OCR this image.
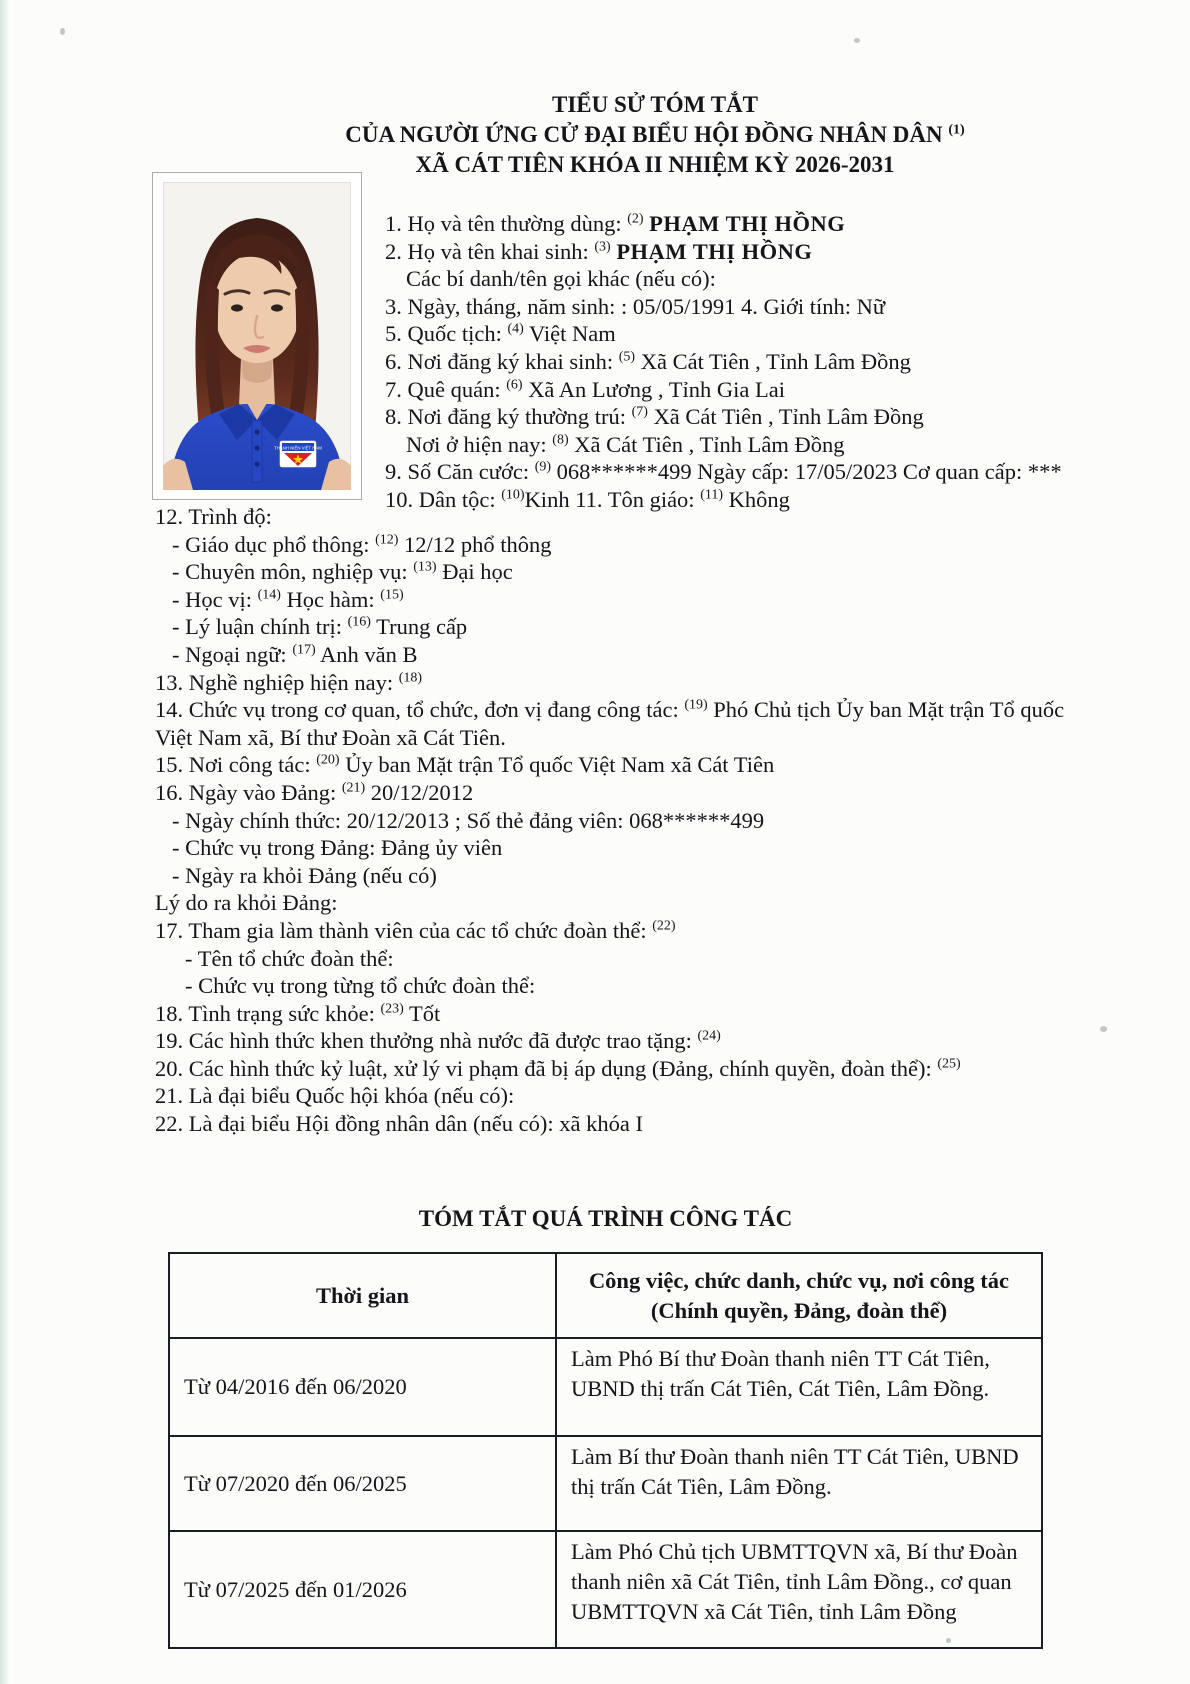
TIỂU SỬ TÓM TẮT
CỦA NGƯỜI ỨNG CỬ ĐẠI BIỂU HỘI ĐỒNG NHÂN DÂN $^{(1)}$
XÃ CÁT TIÊN KHÓA II NHIỆM KỲ 2026-2031
THANH NIÊN VIỆT NAM
1. Họ và tên thường dùng: $^{(2)}$ PHẠM THỊ HỒNG
2. Họ và tên khai sinh: $^{(3)}$ PHẠM THỊ HỒNG
Các bí danh/tên gọi khác (nếu có):
3. Ngày, tháng, năm sinh: : 05/05/1991 4. Giới tính: Nữ
5. Quốc tịch: $^{(4)}$ Việt Nam
6. Nơi đăng ký khai sinh: $^{(5)}$ Xã Cát Tiên , Tỉnh Lâm Đồng
7. Quê quán: $^{(6)}$ Xã An Lương , Tỉnh Gia Lai
8. Nơi đăng ký thường trú: $^{(7)}$ Xã Cát Tiên , Tỉnh Lâm Đồng
Nơi ở hiện nay: $^{(8)}$ Xã Cát Tiên , Tỉnh Lâm Đồng
9. Số Căn cước: $^{(9)}$ 068******499 Ngày cấp: 17/05/2023 Cơ quan cấp: ***
10. Dân tộc: $^{(10)}$Kinh 11. Tôn giáo: $^{(11)}$ Không
12. Trình độ:
- Giáo dục phổ thông: $^{(12)}$ 12/12 phổ thông
- Chuyên môn, nghiệp vụ: $^{(13)}$ Đại học
- Học vị: $^{(14)}$ Học hàm: $^{(15)}$
- Lý luận chính trị: $^{(16)}$ Trung cấp
- Ngoại ngữ: $^{(17)}$ Anh văn B
13. Nghề nghiệp hiện nay: $^{(18)}$
14. Chức vụ trong cơ quan, tổ chức, đơn vị đang công tác: $^{(19)}$ Phó Chủ tịch Ủy ban Mặt trận Tổ quốc
Việt Nam xã, Bí thư Đoàn xã Cát Tiên.
15. Nơi công tác: $^{(20)}$ Ủy ban Mặt trận Tổ quốc Việt Nam xã Cát Tiên
16. Ngày vào Đảng: $^{(21)}$ 20/12/2012
- Ngày chính thức: 20/12/2013 ; Số thẻ đảng viên: 068******499
- Chức vụ trong Đảng: Đảng ủy viên
- Ngày ra khỏi Đảng (nếu có)
Lý do ra khỏi Đảng:
17. Tham gia làm thành viên của các tổ chức đoàn thể: $^{(22)}$
- Tên tổ chức đoàn thể:
- Chức vụ trong từng tổ chức đoàn thể:
18. Tình trạng sức khỏe: $^{(23)}$ Tốt
19. Các hình thức khen thưởng nhà nước đã được trao tặng: $^{(24)}$
20. Các hình thức kỷ luật, xử lý vi phạm đã bị áp dụng (Đảng, chính quyền, đoàn thể): $^{(25)}$
21. Là đại biểu Quốc hội khóa (nếu có):
22. Là đại biểu Hội đồng nhân dân (nếu có): xã khóa I
TÓM TẮT QUÁ TRÌNH CÔNG TÁC
Thời gian	Công việc, chức danh, chức vụ, nơi công tác
(Chính quyền, Đảng, đoàn thể)

Từ 04/2016 đến 06/2020	Làm Phó Bí thư Đoàn thanh niên TT Cát Tiên, UBND thị trấn Cát Tiên, Cát Tiên, Lâm Đồng.
Từ 07/2020 đến 06/2025	Làm Bí thư Đoàn thanh niên TT Cát Tiên, UBND thị trấn Cát Tiên, Lâm Đồng.
Từ 07/2025 đến 01/2026	Làm Phó Chủ tịch UBMTTQVN xã, Bí thư Đoàn thanh niên xã Cát Tiên, tỉnh Lâm Đồng., cơ quan UBMTTQVN xã Cát Tiên, tỉnh Lâm Đồng
